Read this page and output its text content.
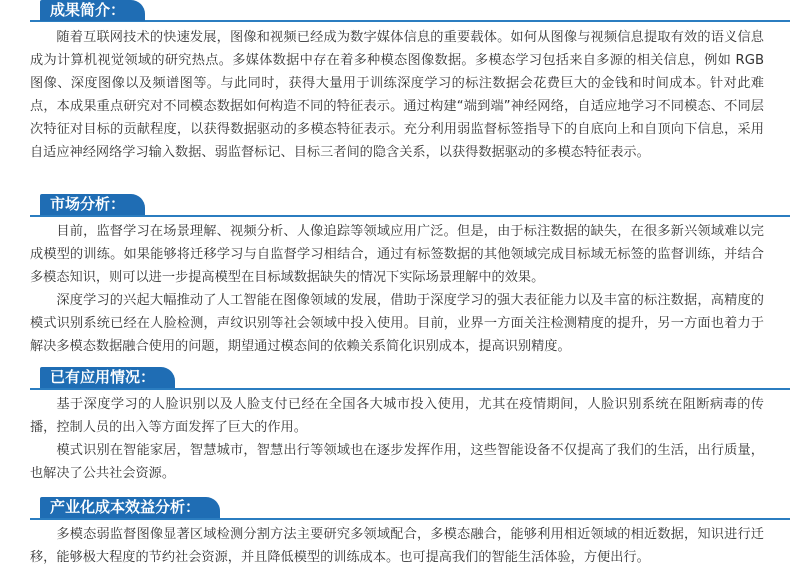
成果简介：

随着互联网技术的快速发展，图像和视频已经成为数字媒体信息的重要载体。如何从图像与视频信息提取有效的语义信息成为计算机视觉领域的研究热点。多媒体数据中存在着多种模态图像数据。多模态学习包括来自多源的相关信息，例如 RGB 图像、深度图像以及频谱图等。与此同时，获得大量用于训练深度学习的标注数据会花费巨大的金钱和时间成本。针对此难点，本成果重点研究对不同模态数据如何构造不同的特征表示。通过构建“端到端”神经网络，自适应地学习不同模态、不同层次特征对目标的贡献程度，以获得数据驱动的多模态特征表示。充分利用弱监督标签指导下的自底向上和自顶向下信息，采用自适应神经网络学习输入数据、弱监督标记、目标三者间的隐含关系，以获得数据驱动的多模态特征表示。

市场分析：

目前，监督学习在场景理解、视频分析、人像追踪等领域应用广泛。但是，由于标注数据的缺失，在很多新兴领域难以完成模型的训练。如果能够将迁移学习与自监督学习相结合，通过有标签数据的其他领域完成目标域无标签的监督训练，并结合多模态知识，则可以进一步提高模型在目标域数据缺失的情况下实际场景理解中的效果。

深度学习的兴起大幅推动了人工智能在图像领域的发展，借助于深度学习的强大表征能力以及丰富的标注数据，高精度的模式识别系统已经在人脸检测，声纹识别等社会领域中投入使用。目前，业界一方面关注检测精度的提升，另一方面也着力于解决多模态数据融合使用的问题，期望通过模态间的依赖关系简化识别成本，提高识别精度。

已有应用情况：

基于深度学习的人脸识别以及人脸支付已经在全国各大城市投入使用，尤其在疫情期间，人脸识别系统在阻断病毒的传播，控制人员的出入等方面发挥了巨大的作用。

模式识别在智能家居，智慧城市，智慧出行等领域也在逐步发挥作用，这些智能设备不仅提高了我们的生活，出行质量，也解决了公共社会资源。

产业化成本效益分析：

多模态弱监督图像显著区域检测分割方法主要研究多领域配合，多模态融合，能够利用相近领域的相近数据，知识进行迁移，能够极大程度的节约社会资源，并且降低模型的训练成本。也可提高我们的智能生活体验，方便出行。
